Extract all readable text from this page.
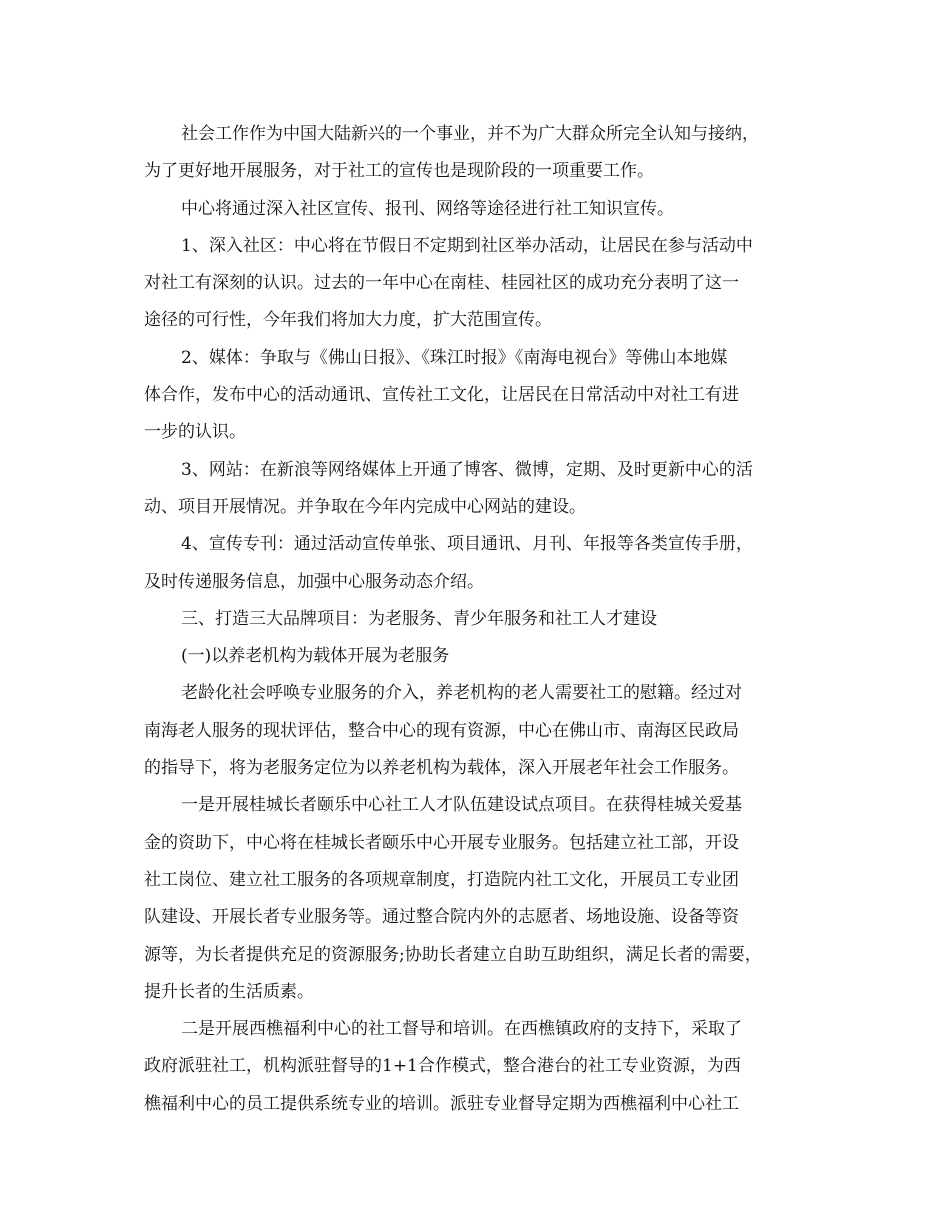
社会工作作为中国大陆新兴的一个事业，并不为广大群众所完全认知与接纳，
为了更好地开展服务，对于社工的宣传也是现阶段的一项重要工作。
中心将通过深入社区宣传、报刊、网络等途径进行社工知识宣传。
1、深入社区：中心将在节假日不定期到社区举办活动，让居民在参与活动中
对社工有深刻的认识。过去的一年中心在南桂、桂园社区的成功充分表明了这一
途径的可行性，今年我们将加大力度，扩大范围宣传。
2、媒体：争取与《佛山日报》、《珠江时报》《南海电视台》等佛山本地媒
体合作，发布中心的活动通讯、宣传社工文化，让居民在日常活动中对社工有进
一步的认识。
3、网站：在新浪等网络媒体上开通了博客、微博，定期、及时更新中心的活
动、项目开展情况。并争取在今年内完成中心网站的建设。
4、宣传专刊：通过活动宣传单张、项目通讯、月刊、年报等各类宣传手册，
及时传递服务信息，加强中心服务动态介绍。
三、打造三大品牌项目：为老服务、青少年服务和社工人才建设
(一)以养老机构为载体开展为老服务
老龄化社会呼唤专业服务的介入，养老机构的老人需要社工的慰籍。经过对
南海老人服务的现状评估，整合中心的现有资源，中心在佛山市、南海区民政局
的指导下，将为老服务定位为以养老机构为载体，深入开展老年社会工作服务。
一是开展桂城长者颐乐中心社工人才队伍建设试点项目。在获得桂城关爱基
金的资助下，中心将在桂城长者颐乐中心开展专业服务。包括建立社工部，开设
社工岗位、建立社工服务的各项规章制度，打造院内社工文化，开展员工专业团
队建设、开展长者专业服务等。通过整合院内外的志愿者、场地设施、设备等资
源等，为长者提供充足的资源服务;协助长者建立自助互助组织，满足长者的需要，
提升长者的生活质素。
二是开展西樵福利中心的社工督导和培训。在西樵镇政府的支持下，采取了
政府派驻社工，机构派驻督导的1+1合作模式，整合港台的社工专业资源，为西
樵福利中心的员工提供系统专业的培训。派驻专业督导定期为西樵福利中心社工
